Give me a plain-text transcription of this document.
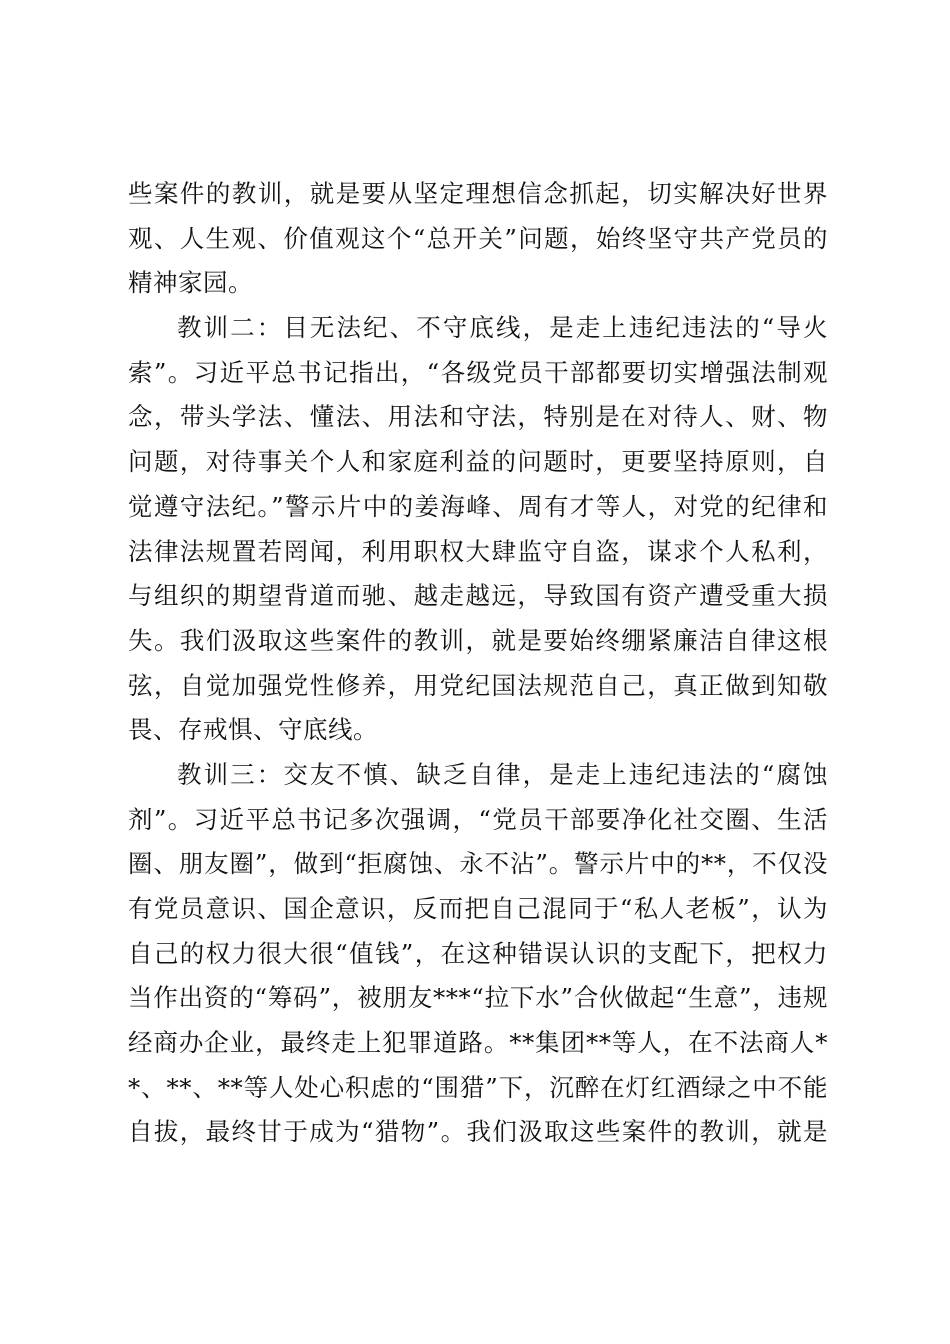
些案件的教训，就是要从坚定理想信念抓起，切实解决好世界
观、人生观、价值观这个“总开关”问题，始终坚守共产党员的
精神家园。
教训二：目无法纪、不守底线，是走上违纪违法的“导火
索”。习近平总书记指出，“各级党员干部都要切实增强法制观
念，带头学法、懂法、用法和守法，特别是在对待人、财、物
问题，对待事关个人和家庭利益的问题时，更要坚持原则，自
觉遵守法纪。”警示片中的姜海峰、周有才等人，对党的纪律和
法律法规置若罔闻，利用职权大肆监守自盗，谋求个人私利，
与组织的期望背道而驰、越走越远，导致国有资产遭受重大损
失。我们汲取这些案件的教训，就是要始终绷紧廉洁自律这根
弦，自觉加强党性修养，用党纪国法规范自己，真正做到知敬
畏、存戒惧、守底线。
教训三：交友不慎、缺乏自律，是走上违纪违法的“腐蚀
剂”。习近平总书记多次强调，“党员干部要净化社交圈、生活
圈、朋友圈”，做到“拒腐蚀、永不沾”。警示片中的**，不仅没
有党员意识、国企意识，反而把自己混同于“私人老板”，认为
自己的权力很大很“值钱”，在这种错误认识的支配下，把权力
当作出资的“筹码”，被朋友***“拉下水”合伙做起“生意”，违规
经商办企业，最终走上犯罪道路。**集团**等人，在不法商人*
*、**、**等人处心积虑的“围猎”下，沉醉在灯红酒绿之中不能
自拔，最终甘于成为“猎物”。我们汲取这些案件的教训，就是
